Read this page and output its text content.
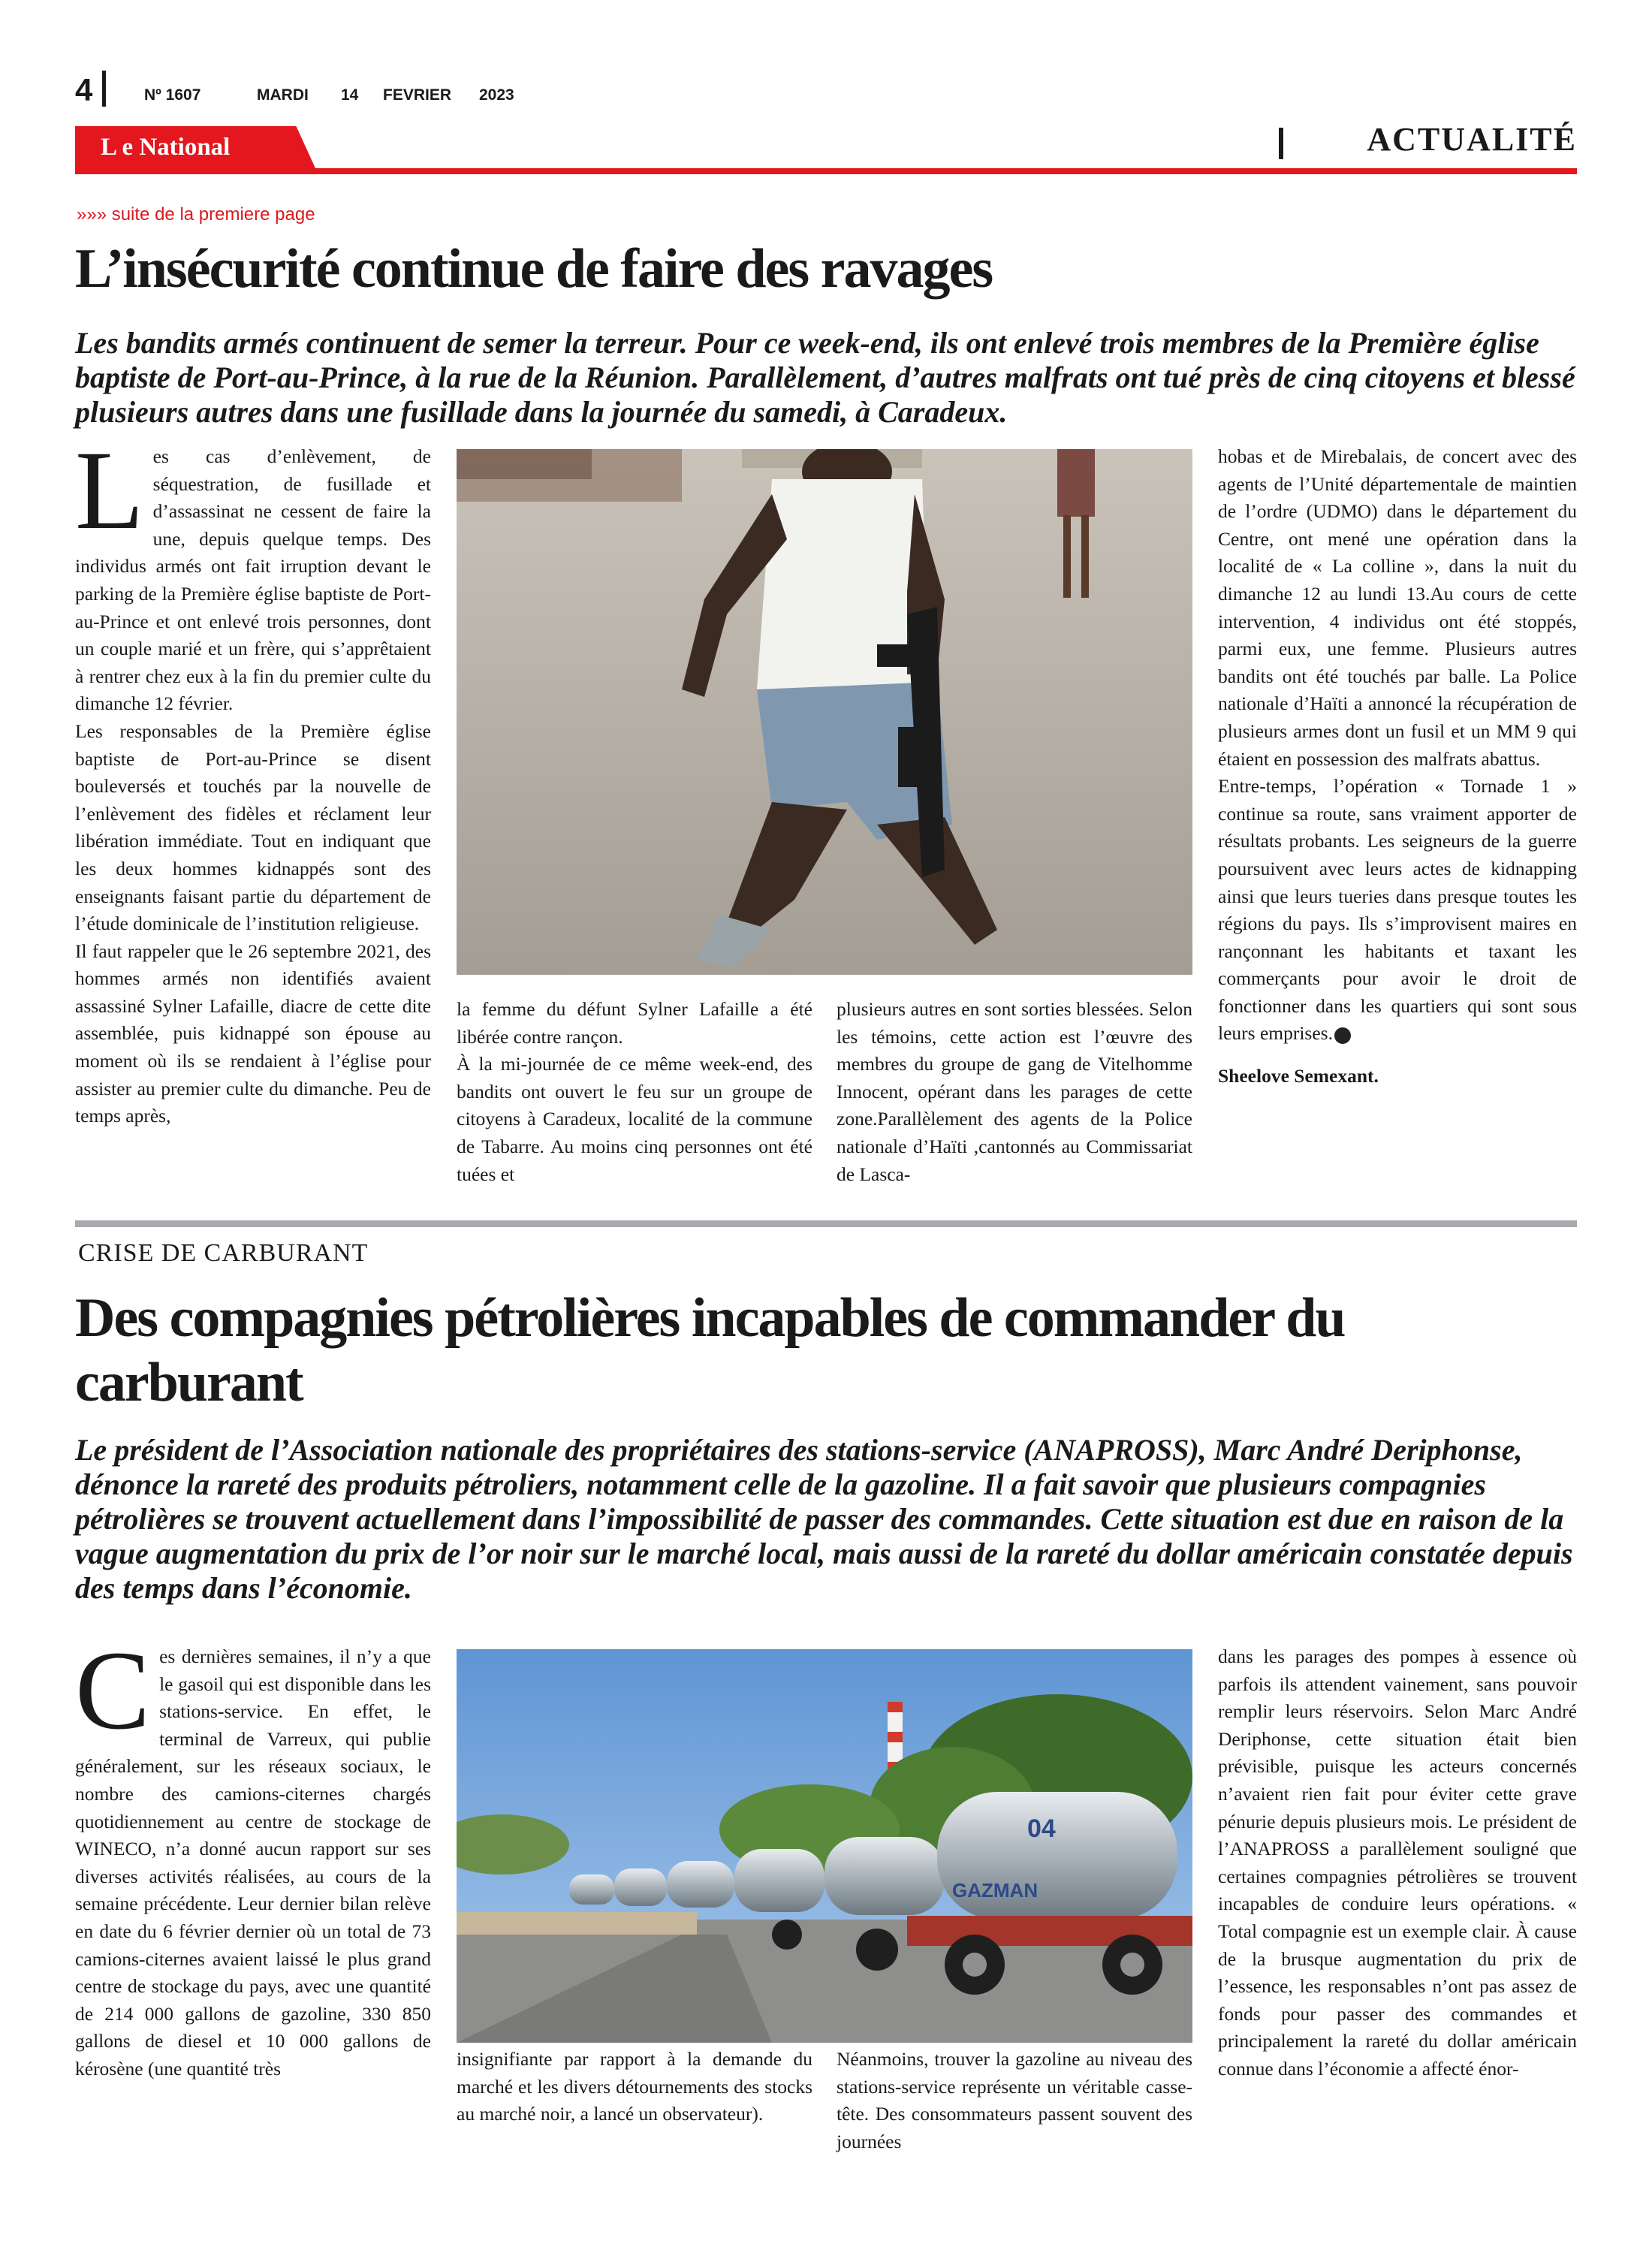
4	Nº 1607	MARDI 14 FEVRIER 2023
L e National	ACTUALITÉ
»»» suite de la premiere page
L’insécurité continue de faire des ravages
Les bandits armés continuent de semer la terreur. Pour ce week-end, ils ont enlevé trois membres de la Première église baptiste de Port-au-Prince, à la rue de la Réunion. Parallèlement, d’autres malfrats ont tué près de cinq citoyens et blessé plusieurs autres dans une fusillade dans la journée du samedi, à Caradeux.

Les cas d’enlèvement, de séquestration, de fusillade et d’assassinat ne cessent de faire la une, depuis quelque temps. Des individus armés ont fait irruption devant le parking de la Première église baptiste de Port-au-Prince et ont enlevé trois personnes, dont un couple marié et un frère, qui s’apprêtaient à rentrer chez eux à la fin du premier culte du dimanche 12 février.

Les responsables de la Première église baptiste de Port-au-Prince se disent bouleversés et touchés par la nouvelle de l’enlèvement des fidèles et réclament leur libération immédiate. Tout en indiquant que les deux hommes kidnappés sont des enseignants faisant partie du département de l’étude dominicale de l’institution religieuse.

Il faut rappeler que le 26 septembre 2021, des hommes armés non identifiés avaient assassiné Sylner Lafaille, diacre de cette dite assemblée, puis kidnappé son épouse au moment où ils se rendaient à l’église pour assister au premier culte du dimanche. Peu de temps après,

la femme du défunt Sylner Lafaille a été libérée contre rançon.

À la mi-journée de ce même week-end, des bandits ont ouvert le feu sur un groupe de citoyens à Caradeux, localité de la commune de Tabarre. Au moins cinq personnes ont été tuées et

plusieurs autres en sont sorties blessées. Selon les témoins, cette action est l’œuvre des membres du groupe de gang de Vitelhomme Innocent, opérant dans les parages de cette zone.Parallèlement des agents de la Police nationale d’Haïti ,cantonnés au Commissariat de Lasca-

hobas et de Mirebalais, de concert avec des agents de l’Unité départementale de maintien de l’ordre (UDMO) dans le département du Centre, ont mené une opération dans la localité de « La colline », dans la nuit du dimanche 12 au lundi 13.Au cours de cette intervention, 4 individus ont été stoppés, parmi eux, une femme. Plusieurs autres bandits ont été touchés par balle. La Police nationale d’Haïti a annoncé la récupération de plusieurs armes dont un fusil et un MM 9 qui étaient en possession des malfrats abattus.

Entre-temps, l’opération « Tornade 1 » continue sa route, sans vraiment apporter de résultats probants. Les seigneurs de la guerre poursuivent avec leurs actes de kidnapping ainsi que leurs tueries dans presque toutes les régions du pays. Ils s’improvisent maires en rançonnant les habitants et taxant les commerçants pour avoir le droit de fonctionner dans les quartiers qui sont sous leurs emprises.

Sheelove Semexant.

CRISE DE CARBURANT
Des compagnies pétrolières incapables de commander du carburant
Le président de l’Association nationale des propriétaires des stations-service (ANAPROSS), Marc André Deriphonse, dénonce la rareté des produits pétroliers, notamment celle de la gazoline. Il a fait savoir que plusieurs compagnies pétrolières se trouvent actuellement dans l’impossibilité de passer des commandes. Cette situation est due en raison de la vague augmentation du prix de l’or noir sur le marché local, mais aussi de la rareté du dollar américain constatée depuis des temps dans l’économie.

Ces dernières semaines, il n’y a que le gasoil qui est disponible dans les stations-service. En effet, le terminal de Varreux, qui publie généralement, sur les réseaux sociaux, le nombre des camions-citernes chargés quotidiennement au centre de stockage de WINECO, n’a donné aucun rapport sur ses diverses activités réalisées, au cours de la semaine précédente. Leur dernier bilan relève en date du 6 février dernier où un total de 73 camions-citernes avaient laissé le plus grand centre de stockage du pays, avec une quantité de 214 000 gallons de gazoline, 330 850 gallons de diesel et 10 000 gallons de kérosène (une quantité très

04
GAZMAN

insignifiante par rapport à la demande du marché et les divers détournements des stocks au marché noir, a lancé un observateur).

Néanmoins, trouver la gazoline au niveau des stations-service représente un véritable casse-tête. Des consommateurs passent souvent des journées

dans les parages des pompes à essence où parfois ils attendent vainement, sans pouvoir remplir leurs réservoirs. Selon Marc André Deriphonse, cette situation était bien prévisible, puisque les acteurs concernés n’avaient rien fait pour éviter cette grave pénurie depuis plusieurs mois. Le président de l’ANAPROSS a parallèlement souligné que certaines compagnies pétrolières se trouvent incapables de conduire leurs opérations. « Total compagnie est un exemple clair. À cause de la brusque augmentation du prix de l’essence, les responsables n’ont pas assez de fonds pour passer des commandes et principalement la rareté du dollar américain connue dans l’économie a affecté énor-
